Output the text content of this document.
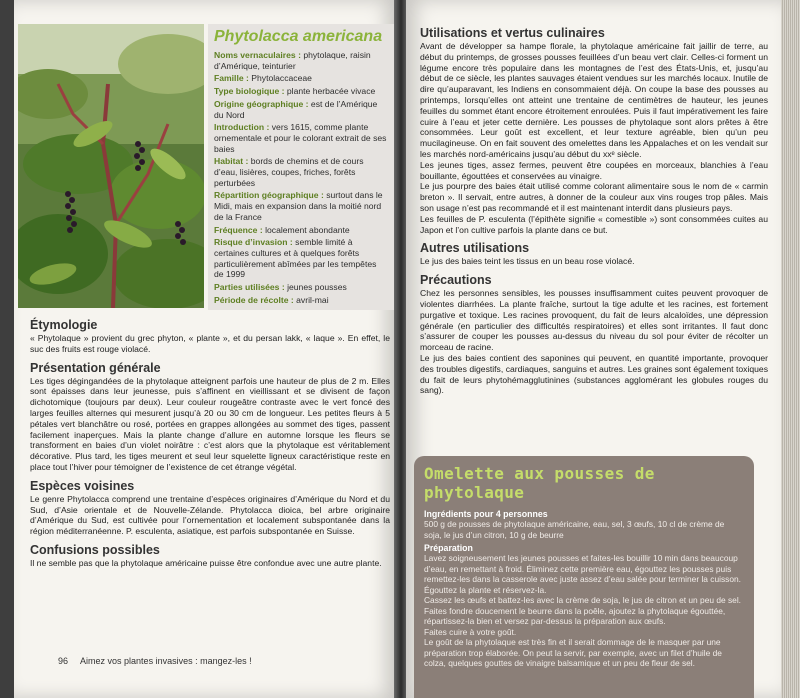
Phytolacca americana
Noms vernaculaires : phytolaque, raisin d’Amérique, teinturier
Famille : Phytolaccaceae
Type biologique : plante herbacée vivace
Origine géographique : est de l’Amérique du Nord
Introduction : vers 1615, comme plante ornementale et pour le colorant extrait de ses baies
Habitat : bords de chemins et de cours d’eau, lisières, coupes, friches, forêts perturbées
Répartition géographique : surtout dans le Midi, mais en expansion dans la moitié nord de la France
Fréquence : localement abondante
Risque d’invasion : semble limité à certaines cultures et à quelques forêts particulièrement abîmées par les tempêtes de 1999
Parties utilisées : jeunes pousses
Période de récolte : avril-mai
Étymologie

« Phytolaque » provient du grec phyton, « plante », et du persan lakk, « laque ». En effet, le suc des fruits est rouge violacé.

Présentation générale

Les tiges dégingandées de la phytolaque atteignent parfois une hauteur de plus de 2 m. Elles sont épaisses dans leur jeunesse, puis s’affinent en vieillissant et se divisent de façon dichotomique (toujours par deux). Leur couleur rougeâtre contraste avec le vert foncé des larges feuilles alternes qui mesurent jusqu’à 20 ou 30 cm de longueur. Les petites fleurs à 5 pétales vert blanchâtre ou rosé, portées en grappes allongées au sommet des tiges, passent facilement inaperçues. Mais la plante change d’allure en automne lorsque les fleurs se transforment en baies d’un violet noirâtre : c’est alors que la phytolaque est véritablement décorative. Plus tard, les tiges meurent et seul leur squelette ligneux caractéristique reste en place tout l’hiver pour témoigner de l’existence de cet étrange végétal.

Espèces voisines

Le genre Phytolacca comprend une trentaine d’espèces originaires d’Amérique du Nord et du Sud, d’Asie orientale et de Nouvelle-Zélande. Phytolacca dioica, bel arbre originaire d’Amérique du Sud, est cultivée pour l’ornementation et localement subspontanée dans la région méditerranéenne. P. esculenta, asiatique, est parfois subspontanée en Suisse.

Confusions possibles

Il ne semble pas que la phytolaque américaine puisse être confondue avec une autre plante.

96 Aimez vos plantes invasives : mangez-les !
Utilisations et vertus culinaires

Avant de développer sa hampe florale, la phytolaque américaine fait jaillir de terre, au début du printemps, de grosses pousses feuillées d’un beau vert clair. Celles-ci forment un légume encore très populaire dans les montagnes de l’est des États-Unis, et, jusqu’au début de ce siècle, les plantes sauvages étaient vendues sur les marchés locaux. Inutile de dire qu’auparavant, les Indiens en consommaient déjà. On coupe la base des pousses au printemps, lorsqu’elles ont atteint une trentaine de centimètres de hauteur, les jeunes feuilles du sommet étant encore étroitement enroulées. Puis il faut impérativement les faire cuire à l’eau et jeter cette dernière. Les pousses de phytolaque sont alors prêtes à être consommées. Leur goût est excellent, et leur texture agréable, bien qu’un peu mucilagineuse. On en fait souvent des omelettes dans les Appalaches et on les vendait sur les marchés nord-américains jusqu’au début du xxᵉ siècle.

Les jeunes tiges, assez fermes, peuvent être coupées en morceaux, blanchies à l’eau bouillante, égouttées et conservées au vinaigre.

Le jus pourpre des baies était utilisé comme colorant alimentaire sous le nom de « carmin breton ». Il servait, entre autres, à donner de la couleur aux vins rouges trop pâles. Mais son usage n’est pas recommandé et il est maintenant interdit dans plusieurs pays.

Les feuilles de P. esculenta (l’épithète signifie « comestible ») sont consommées cuites au Japon et l’on cultive parfois la plante dans ce but.

Autres utilisations

Le jus des baies teint les tissus en un beau rose violacé.

Précautions

Chez les personnes sensibles, les pousses insuffisamment cuites peuvent provoquer de violentes diarrhées. La plante fraîche, surtout la tige adulte et les racines, est fortement purgative et toxique. Les racines provoquent, du fait de leurs alcaloïdes, une dépression générale (en particulier des difficultés respiratoires) et elles sont irritantes. Il faut donc s’assurer de couper les pousses au-dessus du niveau du sol pour éviter de récolter un morceau de racine.

Le jus des baies contient des saponines qui peuvent, en quantité importante, provoquer des troubles digestifs, cardiaques, sanguins et autres. Les graines sont également toxiques du fait de leurs phytohémagglutinines (substances agglomérant les globules rouges du sang).

Omelette aux pousses de phytolaque
Ingrédients pour 4 personnes
500 g de pousses de phytolaque américaine, eau, sel, 3 œufs, 10 cl de crème de soja, le jus d’un citron, 10 g de beurre
Préparation
Lavez soigneusement les jeunes pousses et faites-les bouillir 10 min dans beaucoup d’eau, en remettant à froid. Éliminez cette première eau, égouttez les pousses puis remettez-les dans la casserole avec juste assez d’eau salée pour terminer la cuisson. Égouttez la plante et réservez-la.
Cassez les œufs et battez-les avec la crème de soja, le jus de citron et un peu de sel.
Faites fondre doucement le beurre dans la poêle, ajoutez la phytolaque égouttée, répartissez-la bien et versez par-dessus la préparation aux œufs.
Faites cuire à votre goût.
Le goût de la phytolaque est très fin et il serait dommage de le masquer par une préparation trop élaborée. On peut la servir, par exemple, avec un filet d’huile de colza, quelques gouttes de vinaigre balsamique et un peu de fleur de sel.
